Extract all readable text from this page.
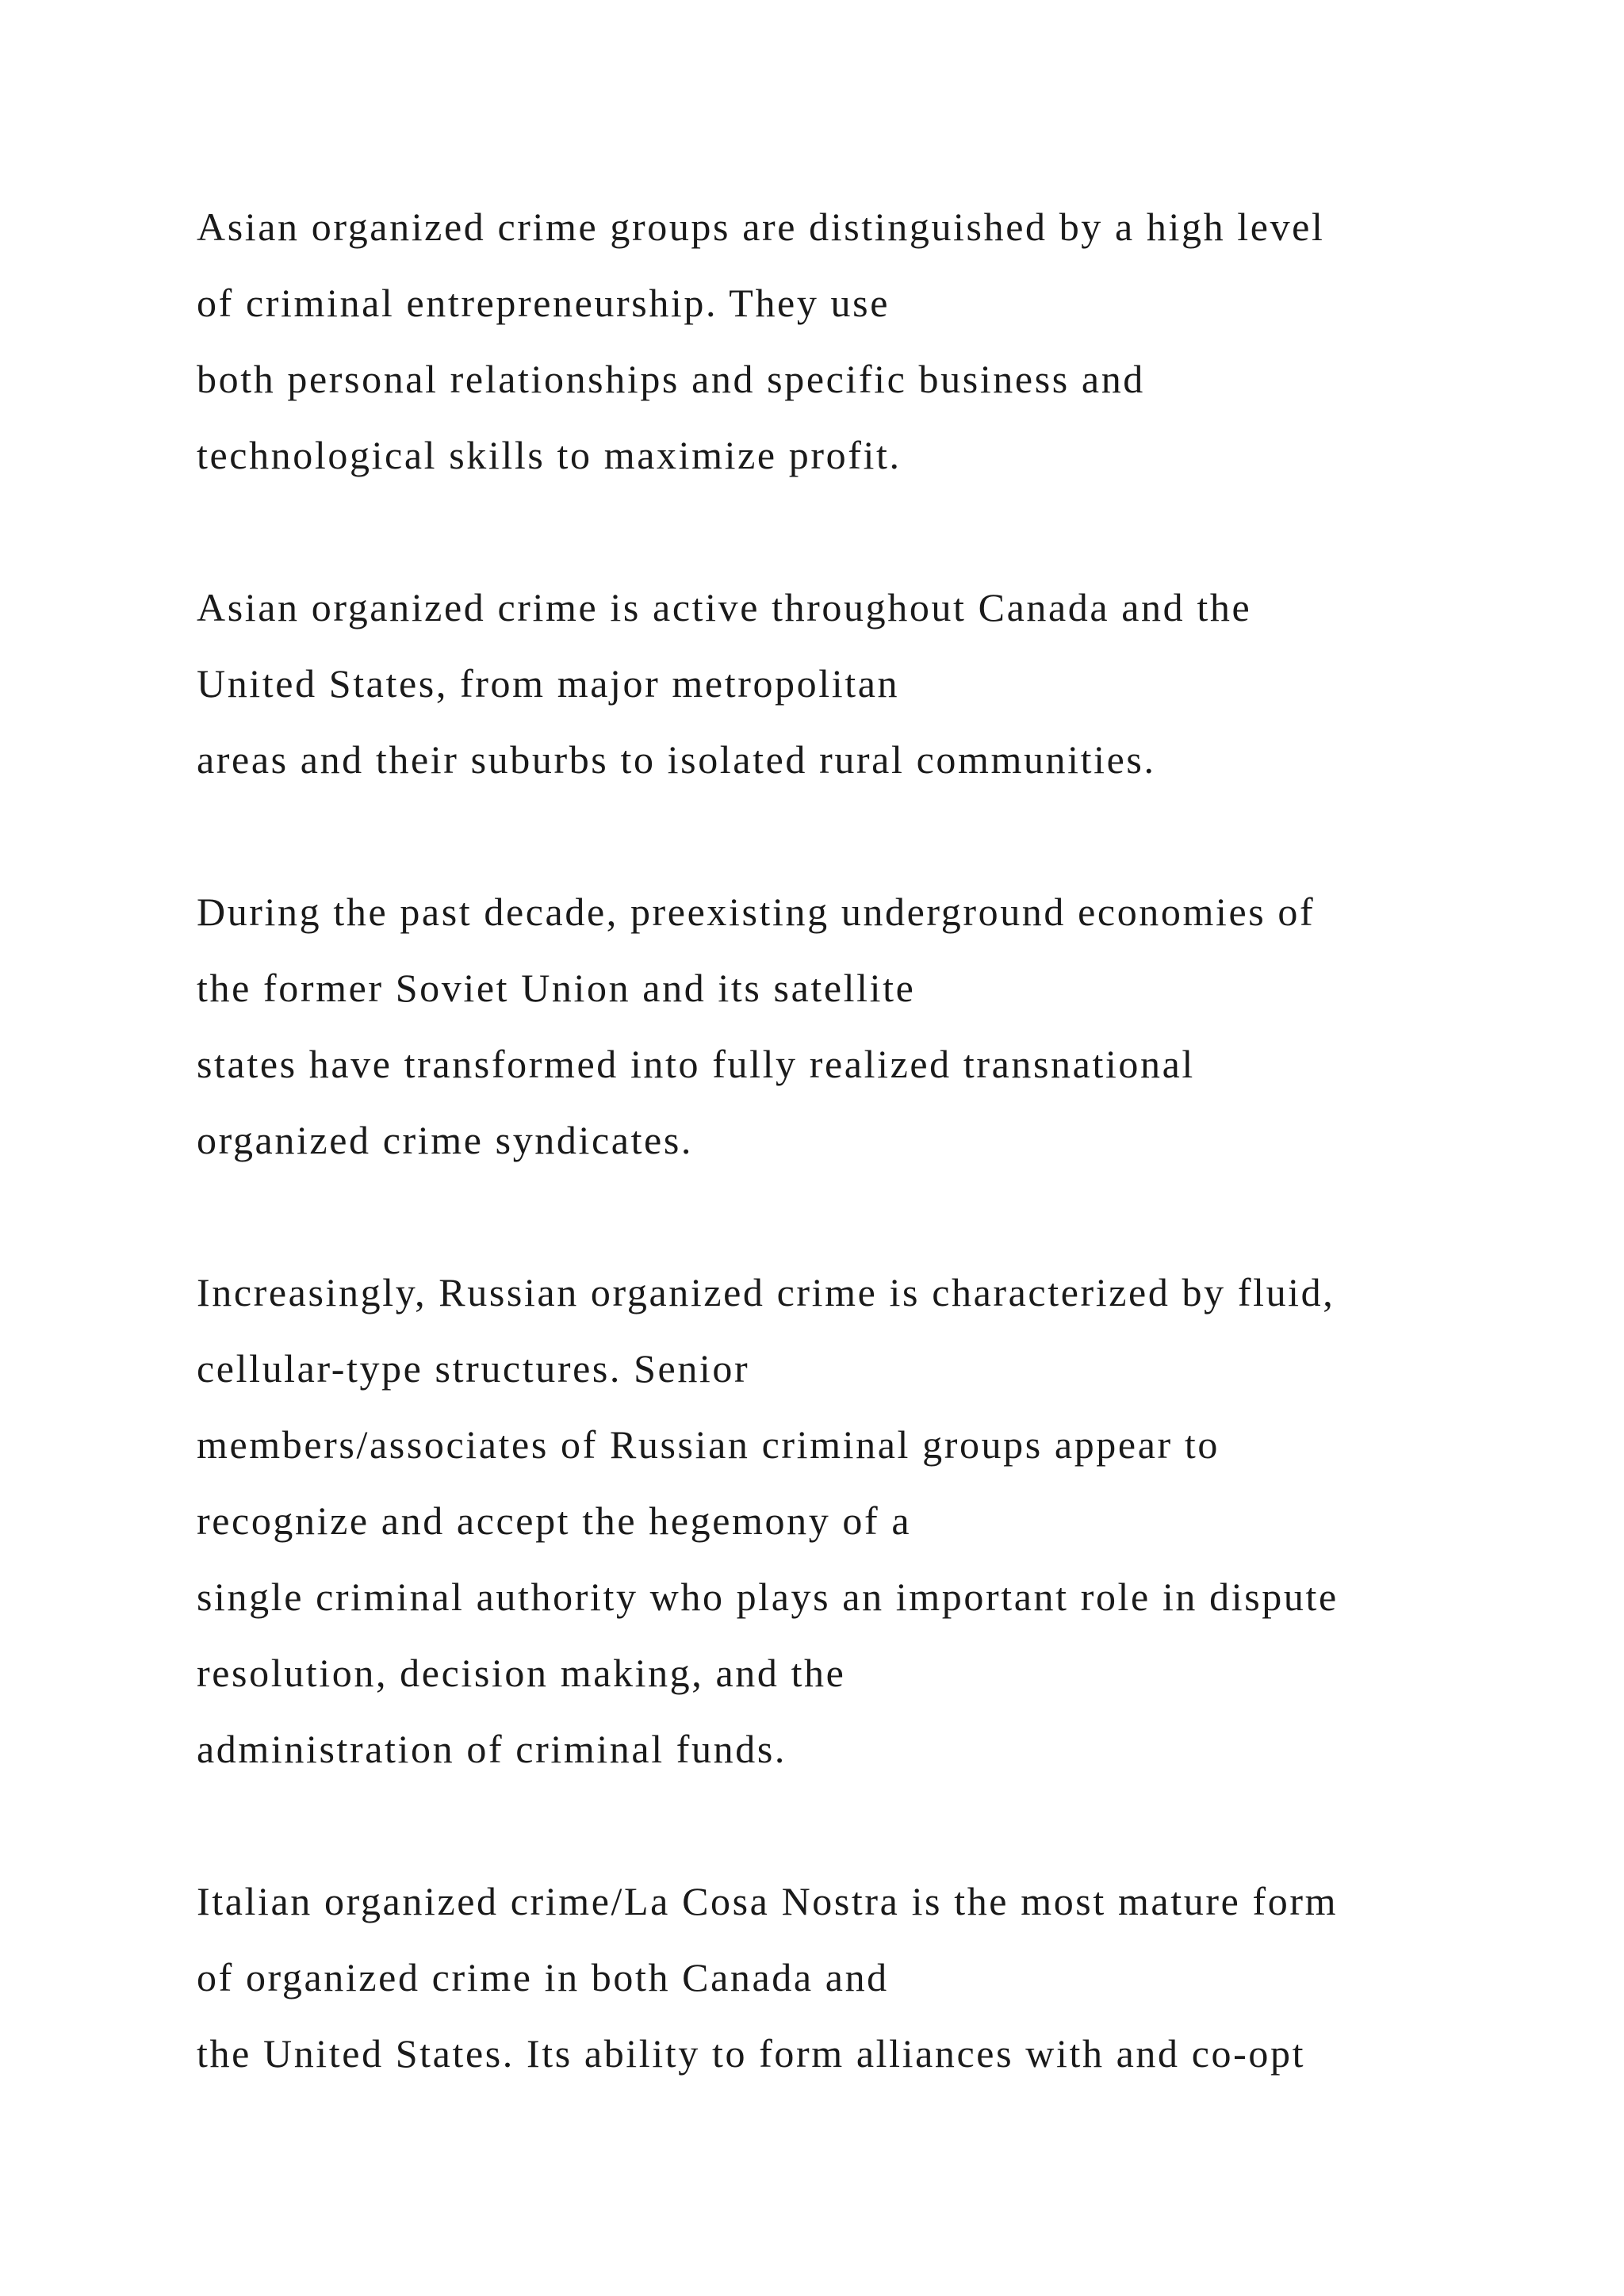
Asian organized crime groups are distinguished by a high level
of criminal entrepreneurship. They use
both personal relationships and specific business and
technological skills to maximize profit.
Asian organized crime is active throughout Canada and the
United States, from major metropolitan
areas and their suburbs to isolated rural communities.
During the past decade, preexisting underground economies of
the former Soviet Union and its satellite
states have transformed into fully realized transnational
organized crime syndicates.
Increasingly, Russian organized crime is characterized by fluid,
cellular-type structures. Senior
members/associates of Russian criminal groups appear to
recognize and accept the hegemony of a
single criminal authority who plays an important role in dispute
resolution, decision making, and the
administration of criminal funds.
Italian organized crime/La Cosa Nostra is the most mature form
of organized crime in both Canada and
the United States. Its ability to form alliances with and co-opt
